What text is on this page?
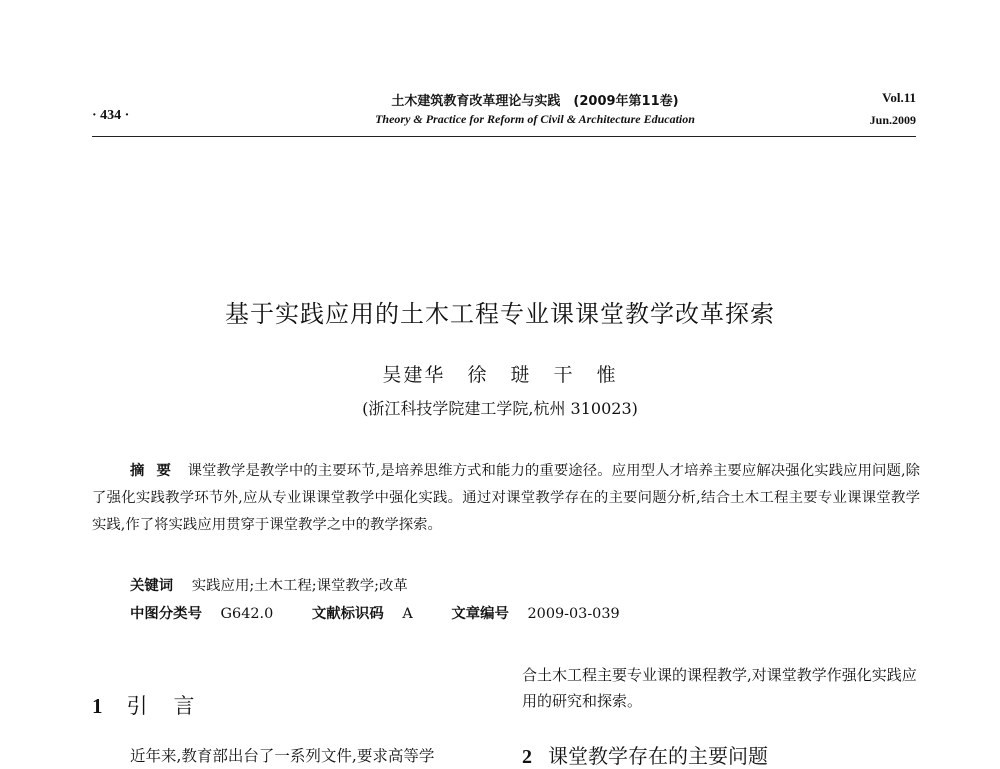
· 434 ·
土木建筑教育改革理论与实践　(2009年第11卷)
Theory & Practice for Reform of Civil & Architecture Education
Vol.11
Jun.2009
基于实践应用的土木工程专业课课堂教学改革探索
吴建华 徐 琎 干 惟
(浙江科技学院建工学院,杭州 310023)
摘要 课堂教学是教学中的主要环节,是培养思维方式和能力的重要途径。应用型人才培养主要应解决强化实践应用问题,除了强化实践教学环节外,应从专业课课堂教学中强化实践。通过对课堂教学存在的主要问题分析,结合土木工程主要专业课课堂教学实践,作了将实践应用贯穿于课堂教学之中的教学探索。
关键词 实践应用;土木工程;课堂教学;改革
中图分类号 G642.0	文献标识码 A	文章编号 2009-03-039
1 引言
合土木工程主要专业课的课程教学,对课堂教学作强化实践应用的研究和探索。
近年来,教育部出台了一系列文件,要求高等学	2 课堂教学存在的主要问题
